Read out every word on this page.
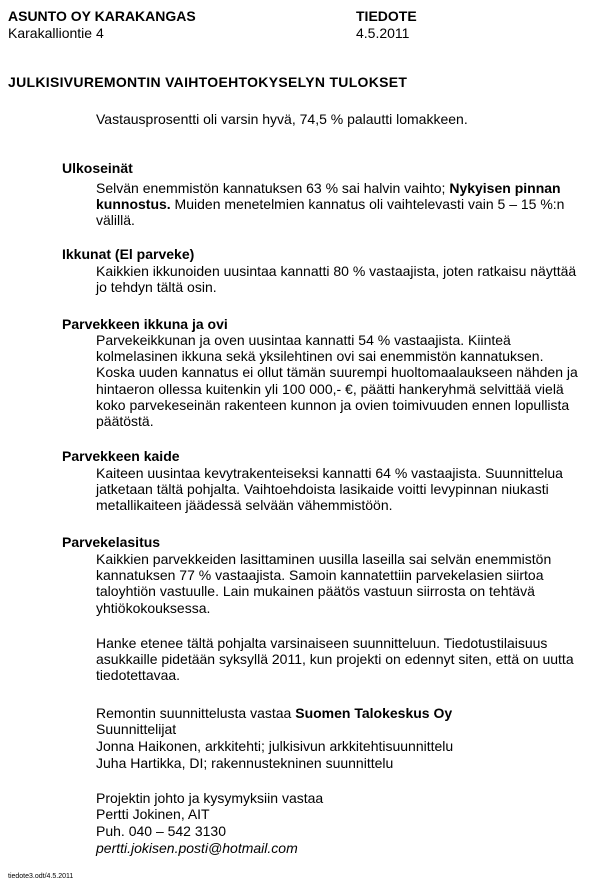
ASUNTO OY KARAKANGAS
Karakalliontie 4
TIEDOTE
4.5.2011
JULKISIVUREMONTIN VAIHTOEHTOKYSELYN TULOKSET

Vastausprosentti oli varsin hyvä, 74,5 % palautti lomakkeen.

Ulkoseinät

Selvän enemmistön kannatuksen 63 % sai halvin vaihto; Nykyisen pinnan kunnostus. Muiden menetelmien kannatus oli vaihtelevasti vain 5 – 15 %:n välillä.

Ikkunat (El parveke)

Kaikkien ikkunoiden uusintaa kannatti 80 % vastaajista, joten ratkaisu näyttää jo tehdyn tältä osin.

Parvekkeen ikkuna ja ovi

Parvekeikkunan ja oven uusintaa kannatti 54 % vastaajista. Kiinteä kolmelasinen ikkuna sekä yksilehtinen ovi sai enemmistön kannatuksen. Koska uuden kannatus ei ollut tämän suurempi huoltomaalaukseen nähden ja hintaeron ollessa kuitenkin yli 100 000,- €, päätti hankeryhmä selvittää vielä koko parvekeseinän rakenteen kunnon ja ovien toimivuuden ennen lopullista päätöstä.

Parvekkeen kaide

Kaiteen uusintaa kevytrakenteiseksi kannatti 64 % vastaajista. Suunnittelua jatketaan tältä pohjalta. Vaihtoehdoista lasikaide voitti levypinnan niukasti metallikaiteen jäädessä selvään vähemmistöön.

Parvekelasitus

Kaikkien parvekkeiden lasittaminen uusilla laseilla sai selvän enemmistön kannatuksen 77 % vastaajista. Samoin kannatettiin parvekelasien siirtoa taloyhtiön vastuulle. Lain mukainen päätös vastuun siirrosta on tehtävä yhtiökokouksessa.

Hanke etenee tältä pohjalta varsinaiseen suunnitteluun. Tiedotustilaisuus asukkaille pidetään syksyllä 2011, kun projekti on edennyt siten, että on uutta tiedotettavaa.

Remontin suunnittelusta vastaa Suomen Talokeskus Oy

Suunnittelijat

Jonna Haikonen, arkkitehti; julkisivun arkkitehtisuunnittelu

Juha Hartikka, DI; rakennustekninen suunnittelu

Projektin johto ja kysymyksiin vastaa

Pertti Jokinen, AIT

Puh. 040 – 542 3130

pertti.jokisen.posti@hotmail.com

tiedote3.odt/4.5.2011
